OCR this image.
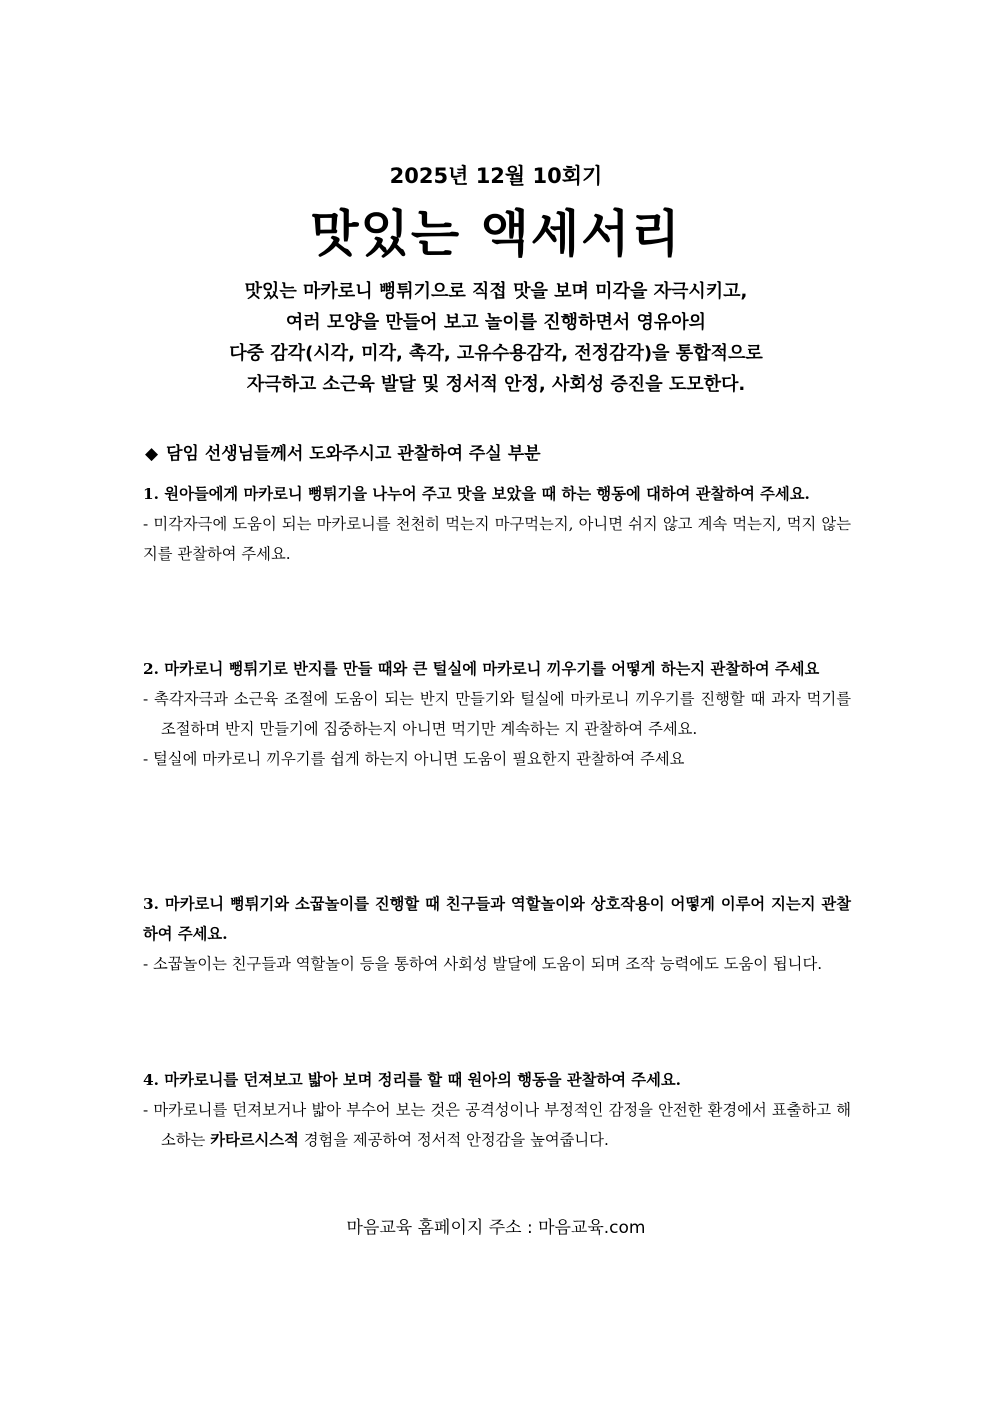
2025년 12월 10회기
맛있는 액세서리
맛있는 마카로니 뻥튀기으로 직접 맛을 보며 미각을 자극시키고,
여러 모양을 만들어 보고 놀이를 진행하면서 영유아의
다중 감각(시각, 미각, 촉각, 고유수용감각, 전정감각)을 통합적으로
자극하고 소근육 발달 및 정서적 안정, 사회성 증진을 도모한다.
◆ 담임 선생님들께서 도와주시고 관찰하여 주실 부분
1. 원아들에게 마카로니 뻥튀기을 나누어 주고 맛을 보았을 때 하는 행동에 대하여 관찰하여 주세요.
- 미각자극에 도움이 되는 마카로니를 천천히 먹는지 마구먹는지, 아니면 쉬지 않고 계속 먹는지, 먹지 않는 지를 관찰하여 주세요.
2. 마카로니 뻥튀기로 반지를 만들 때와 큰 털실에 마카로니 끼우기를 어떻게 하는지 관찰하여 주세요
- 촉각자극과 소근육 조절에 도움이 되는 반지 만들기와 털실에 마카로니 끼우기를 진행할 때 과자 먹기를 조절하며 반지 만들기에 집중하는지 아니면 먹기만 계속하는 지 관찰하여 주세요.
- 털실에 마카로니 끼우기를 쉽게 하는지 아니면 도움이 필요한지 관찰하여 주세요
3. 마카로니 뻥튀기와 소꿉놀이를 진행할 때 친구들과 역할놀이와 상호작용이 어떻게 이루어 지는지 관찰하여 주세요.
- 소꿉놀이는 친구들과 역할놀이 등을 통하여 사회성 발달에 도움이 되며 조작 능력에도 도움이 됩니다.
4. 마카로니를 던져보고 밟아 보며 정리를 할 때 원아의 행동을 관찰하여 주세요.
- 마카로니를 던져보거나 밟아 부수어 보는 것은 공격성이나 부정적인 감정을 안전한 환경에서 표출하고 해소하는 카타르시스적 경험을 제공하여 정서적 안정감을 높여줍니다.
마음교육 홈페이지 주소 : 마음교육.com
